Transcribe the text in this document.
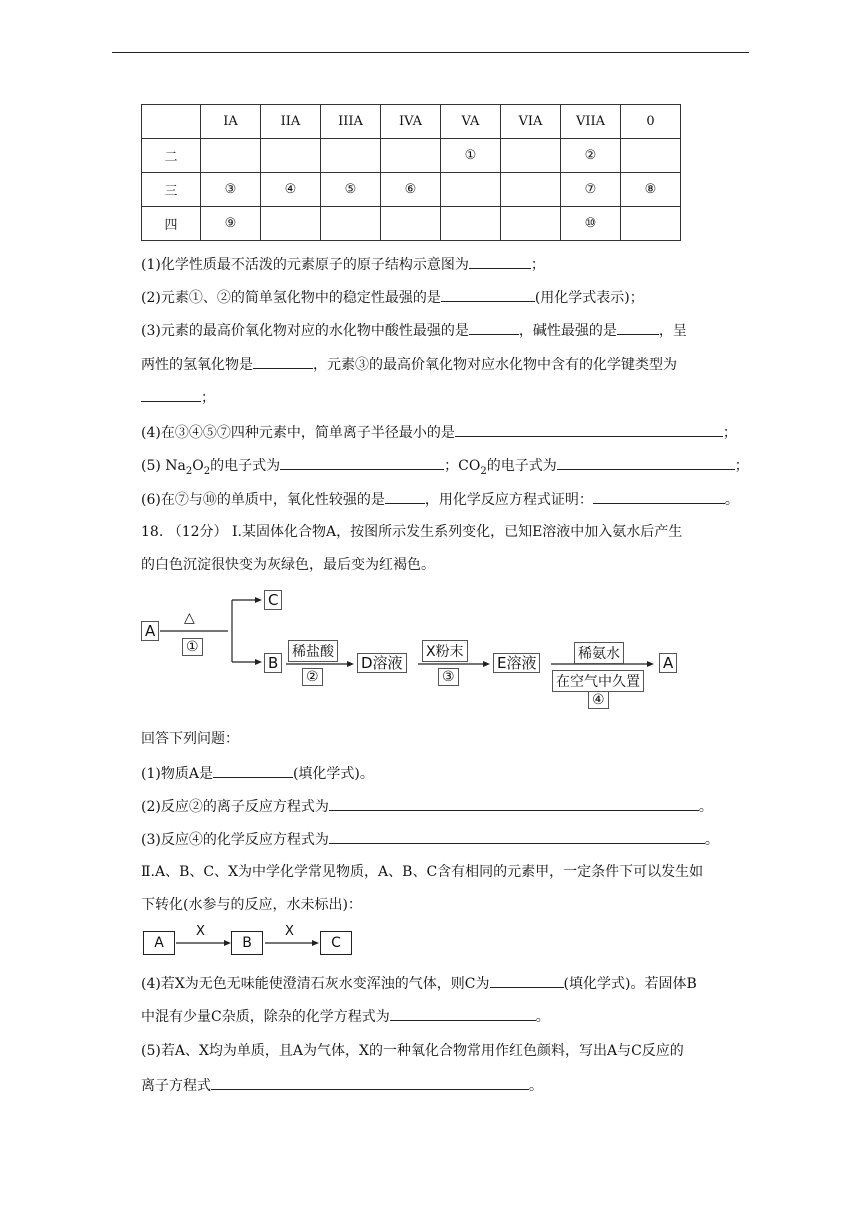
	IA	IIA	IIIA	IVA	VA	VIA	VIIA	0
二					①		②	
三	③	④	⑤	⑥			⑦	⑧
四	⑨						⑩	
(1)化学性质最不活泼的元素原子的原子结构示意图为	；
(2)元素①、②的简单氢化物中的稳定性最强的是	(用化学式表示)；
(3)元素的最高价氧化物对应的水化物中酸性最强的是	，碱性最强的是	，呈
两性的氢氧化物是	，元素③的最高价氧化物对应水化物中含有的化学键类型为
；
(4)在③④⑤⑦四种元素中，简单离子半径最小的是	；
(5) $Na_2O_2$的电子式为	；$CO_2$的电子式为	；
(6)在⑦与⑩的单质中，氧化性较强的是	，用化学反应方程式证明：	。
18. （12分） Ⅰ.某固体化合物A，按图所示发生系列变化，已知E溶液中加入氨水后产生
的白色沉淀很快变为灰绿色，最后变为红褐色。
A
△
①
C
B
稀盐酸
②
D溶液
X粉末
③
E溶液	稀氨水
在空气中久置
④
A
回答下列问题：
(1)物质A是	(填化学式)。
(2)反应②的离子反应方程式为	。
(3)反应④的化学反应方程式为	。
Ⅱ.A、B、C、X为中学化学常见物质，A、B、C含有相同的元素甲，一定条件下可以发生如
下转化(水参与的反应，水未标出)：
A
X
B
X
C
(4)若X为无色无味能使澄清石灰水变浑浊的气体，则C为	(填化学式)。若固体B
中混有少量C杂质，除杂的化学方程式为	。
(5)若A、X均为单质，且A为气体，X的一种氧化合物常用作红色颜料，写出A与C反应的
离子方程式	。
